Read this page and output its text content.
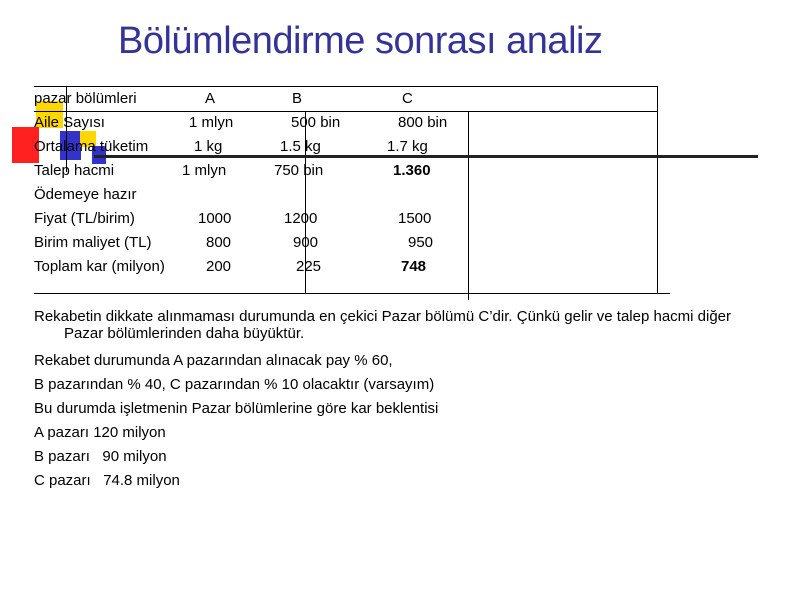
Bölümlendirme sonrası analiz
pazar bölümleri	A	B	C
Aile Sayısı	1 mlyn	500 bin	800 bin
Ortalama tüketim	1 kg	1.5 kg	1.7 kg
Talep hacmi	1 mlyn	750 bin	1.360
Ödemeye hazır
Fiyat (TL/birim)	1000	1200	1500
Birim maliyet (TL)	800	900	950
Toplam kar (milyon)	200	225	748
Rekabetin dikkate alınmaması durumunda en çekici Pazar bölümü C’dir. Çünkü gelir ve talep hacmi diğer Pazar bölümlerinden daha büyüktür.
Rekabet durumunda A pazarından alınacak pay % 60,
B pazarından % 40, C pazarından % 10 olacaktır (varsayım)
Bu durumda işletmenin Pazar bölümlerine göre kar beklentisi
A pazarı 120 milyon
B pazarı   90 milyon
C pazarı   74.8 milyon
